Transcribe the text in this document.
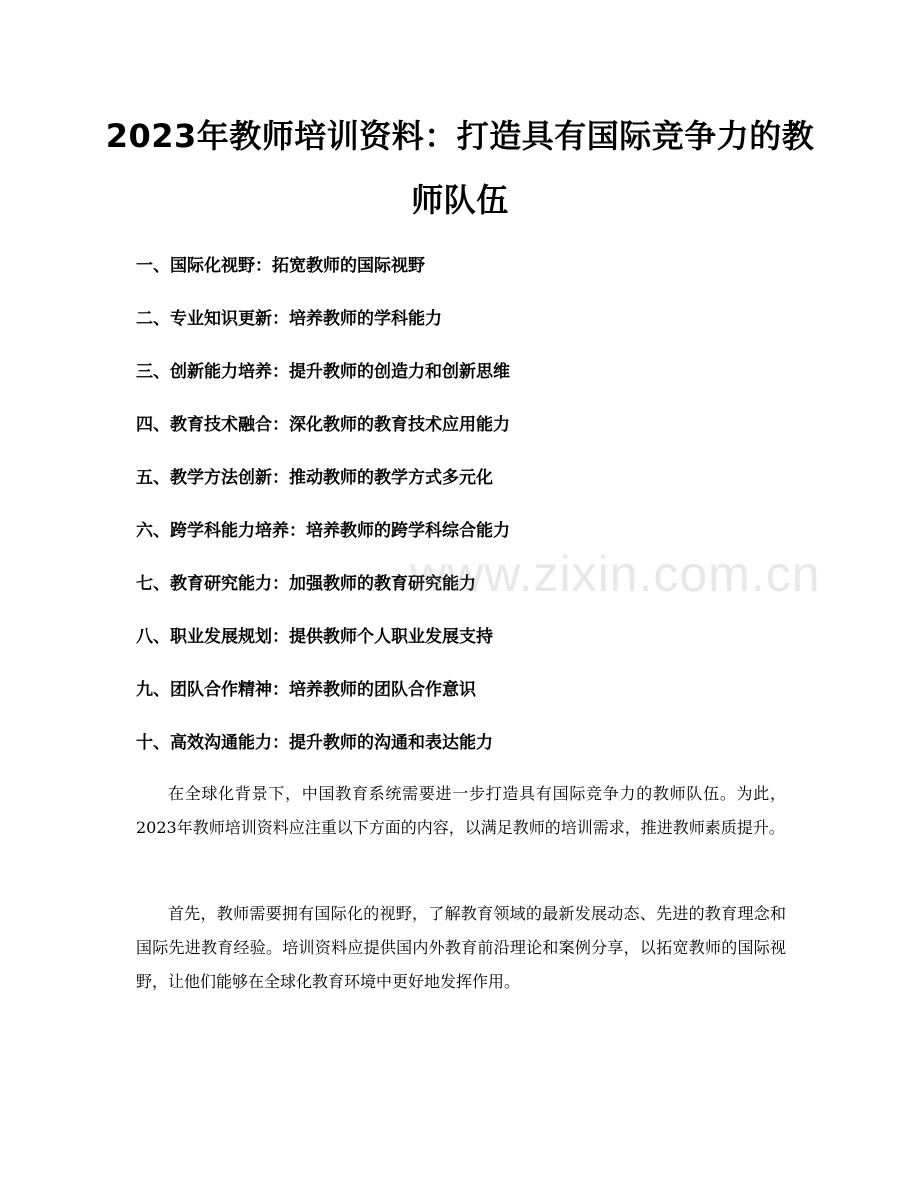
2023年教师培训资料：打造具有国际竞争力的教师队伍
一、国际化视野：拓宽教师的国际视野
二、专业知识更新：培养教师的学科能力
三、创新能力培养：提升教师的创造力和创新思维
四、教育技术融合：深化教师的教育技术应用能力
五、教学方法创新：推动教师的教学方式多元化
六、跨学科能力培养：培养教师的跨学科综合能力
七、教育研究能力：加强教师的教育研究能力
八、职业发展规划：提供教师个人职业发展支持
九、团队合作精神：培养教师的团队合作意识
十、高效沟通能力：提升教师的沟通和表达能力

在全球化背景下，中国教育系统需要进一步打造具有国际竞争力的教师队伍。为此，2023年教师培训资料应注重以下方面的内容，以满足教师的培训需求，推进教师素质提升。

首先，教师需要拥有国际化的视野，了解教育领域的最新发展动态、先进的教育理念和国际先进教育经验。培训资料应提供国内外教育前沿理论和案例分享，以拓宽教师的国际视野，让他们能够在全球化教育环境中更好地发挥作用。

www.zixin.com.cn
